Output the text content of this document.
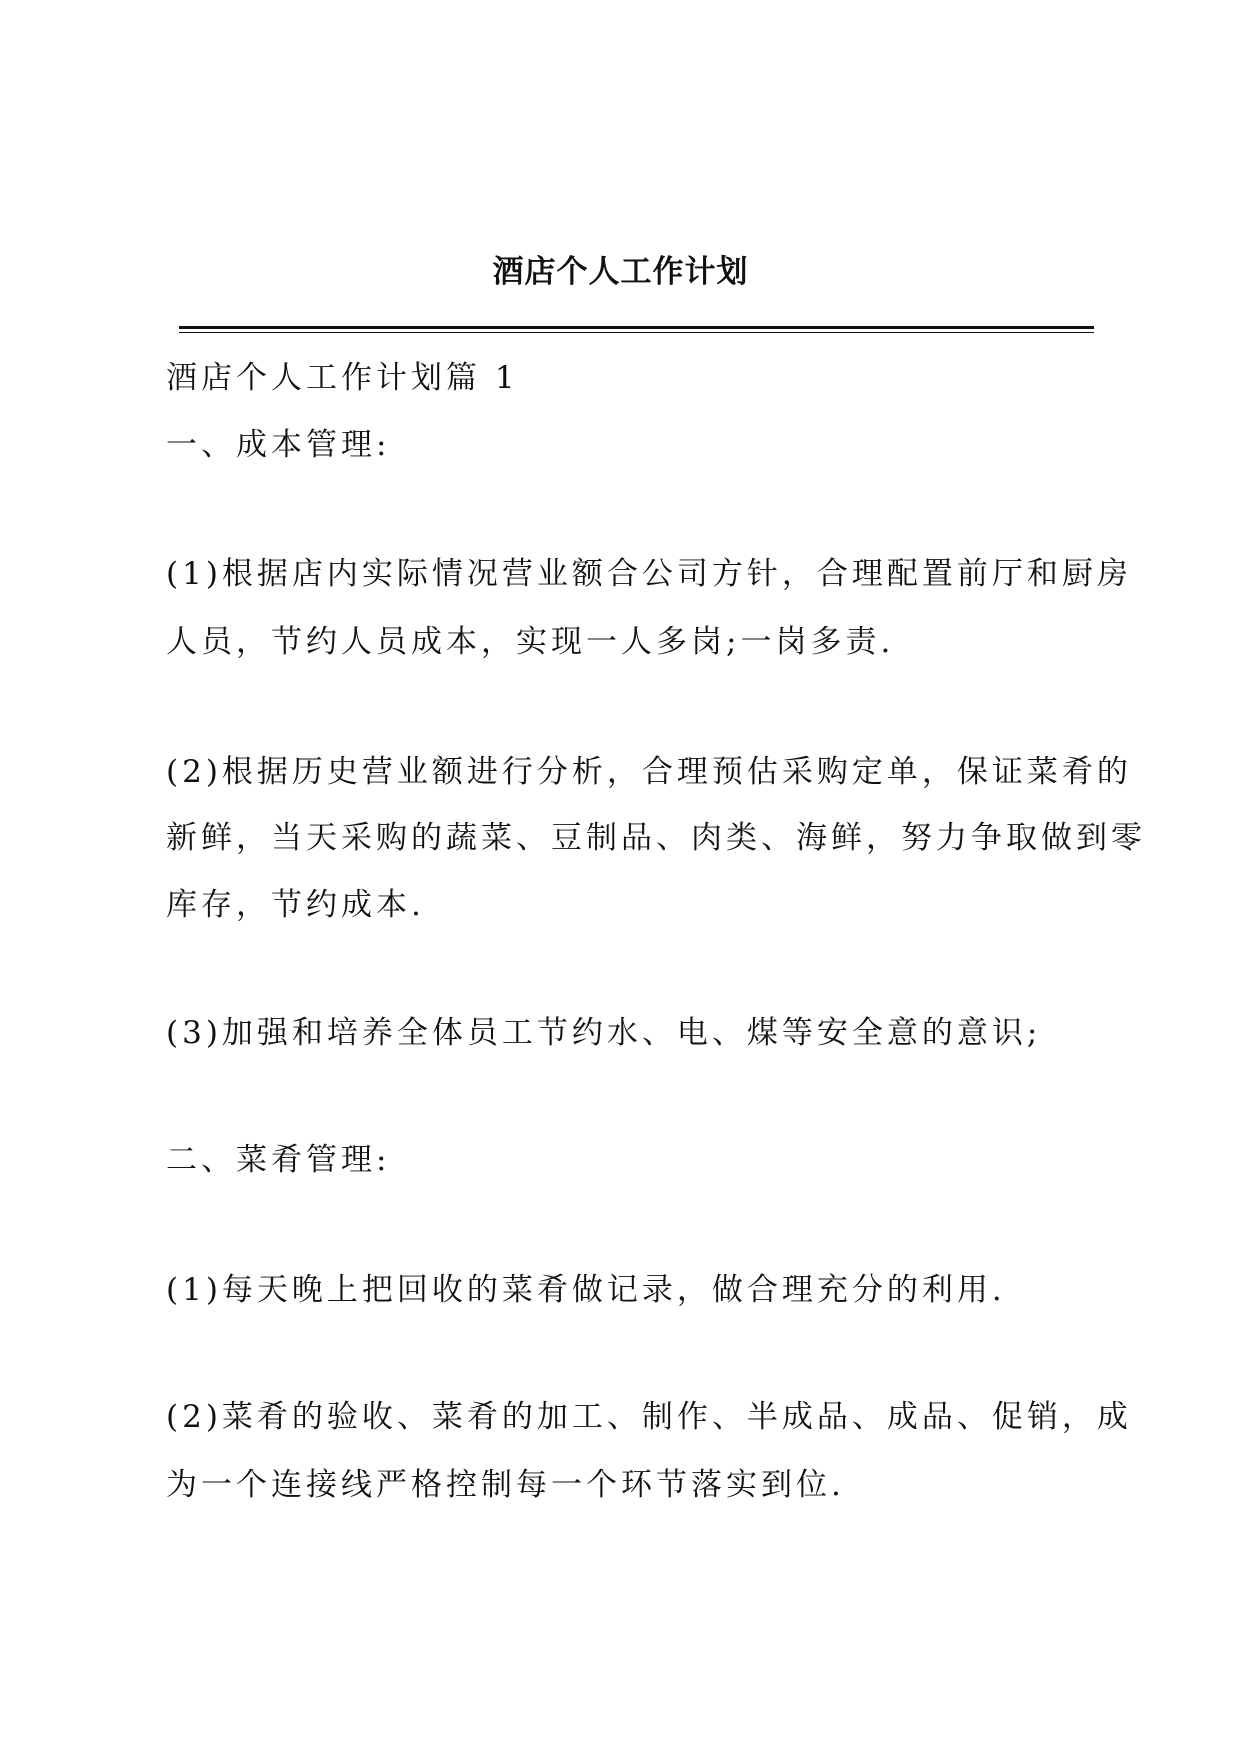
酒店个人工作计划
酒店个人工作计划篇 1
一、成本管理:
(1)根据店内实际情况营业额合公司方针，合理配置前厅和厨房
人员，节约人员成本，实现一人多岗;一岗多责.
(2)根据历史营业额进行分析，合理预估采购定单，保证菜肴的
新鲜，当天采购的蔬菜、豆制品、肉类、海鲜，努力争取做到零
库存，节约成本.
(3)加强和培养全体员工节约水、电、煤等安全意的意识;
二、菜肴管理:
(1)每天晚上把回收的菜肴做记录，做合理充分的利用.
(2)菜肴的验收、菜肴的加工、制作、半成品、成品、促销，成
为一个连接线严格控制每一个环节落实到位.
